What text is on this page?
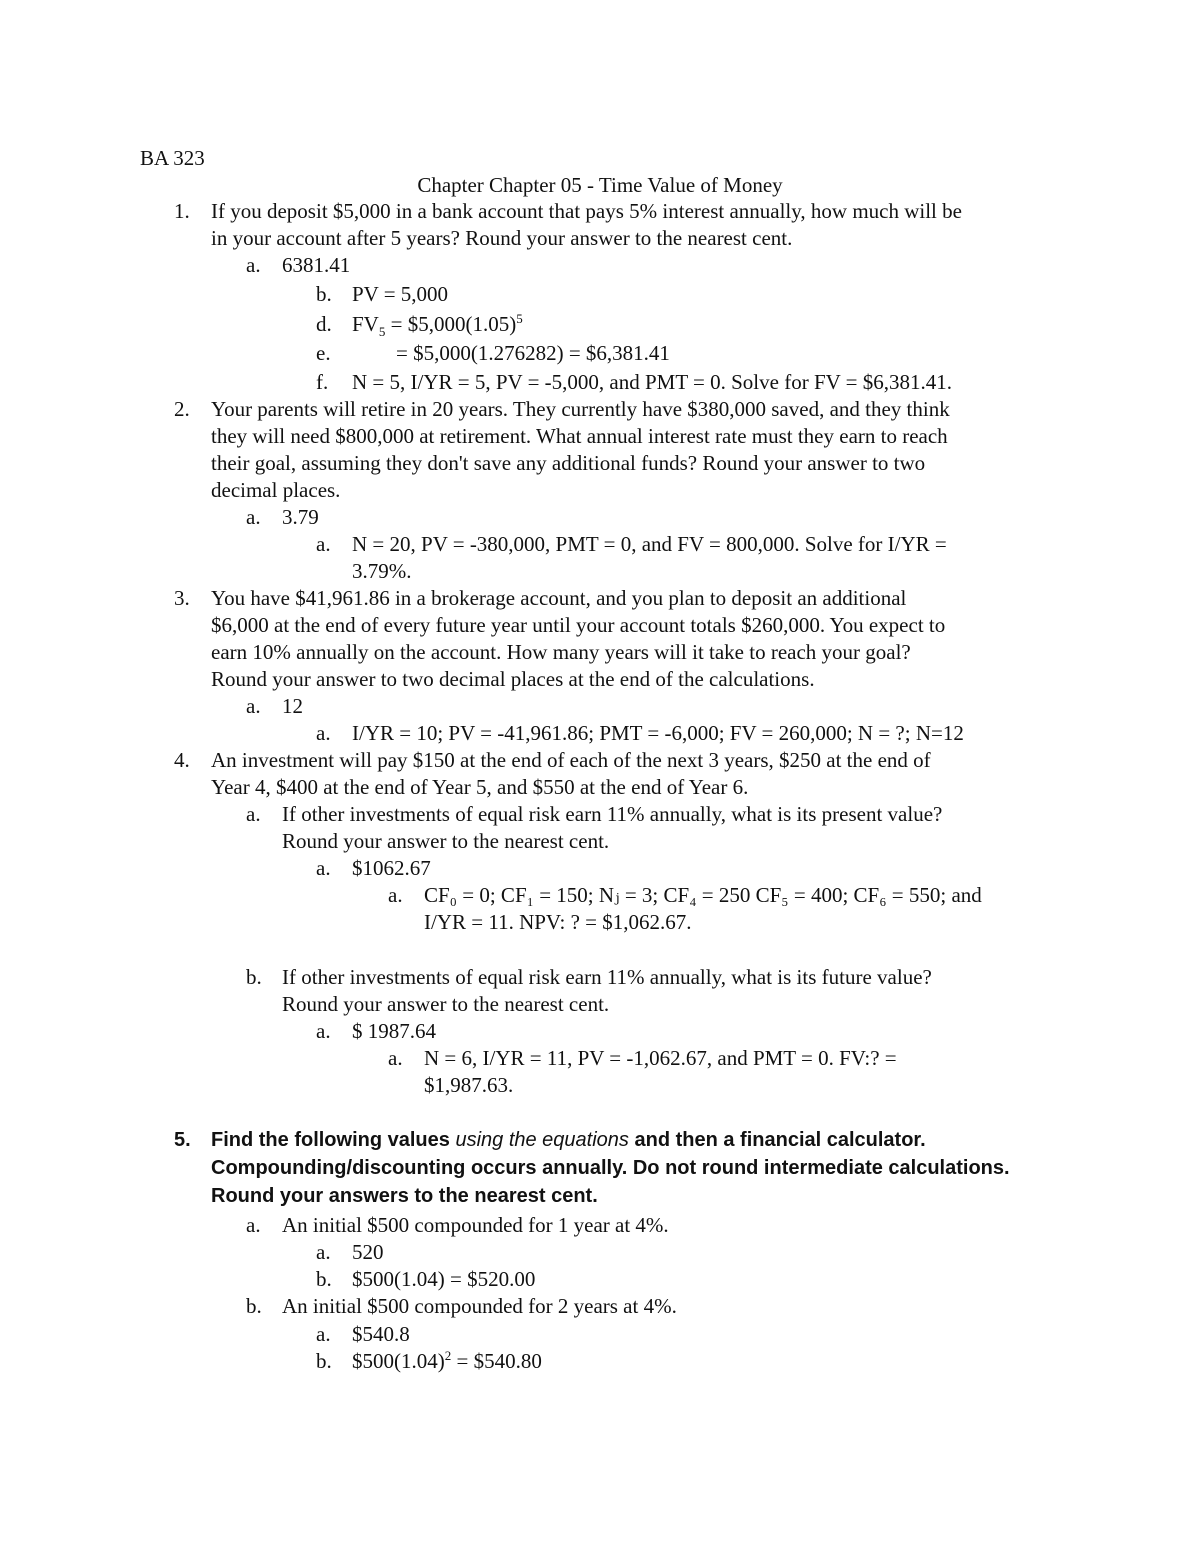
BA 323
Chapter Chapter 05 - Time Value of Money
1. If you deposit $5,000 in a bank account that pays 5% interest annually, how much will be
in your account after 5 years? Round your answer to the nearest cent.
a. 6381.41
b. PV = 5,000
d. $FV_5$ = $\$5,000(1.05)^5$
e.	= $5,000(1.276282) = $6,381.41
f. N = 5, I/YR = 5, PV = -5,000, and PMT = 0. Solve for FV = $6,381.41.
2. Your parents will retire in 20 years. They currently have $380,000 saved, and they think
they will need $800,000 at retirement. What annual interest rate must they earn to reach
their goal, assuming they don't save any additional funds? Round your answer to two
decimal places.
a. 3.79
a. N = 20, PV = -380,000, PMT = 0, and FV = 800,000. Solve for I/YR =
3.79%.
3. You have $41,961.86 in a brokerage account, and you plan to deposit an additional
$6,000 at the end of every future year until your account totals $260,000. You expect to
earn 10% annually on the account. How many years will it take to reach your goal?
Round your answer to two decimal places at the end of the calculations.
a. 12
a. I/YR = 10; PV = -41,961.86; PMT = -6,000; FV = 260,000; N = ?; N=12
4. An investment will pay $150 at the end of each of the next 3 years, $250 at the end of
Year 4, $400 at the end of Year 5, and $550 at the end of Year 6.
a. If other investments of equal risk earn 11% annually, what is its present value?
Round your answer to the nearest cent.
a. $1062.67
a. CF₀ = 0; CF₁ = 150; Nⱼ = 3; CF₄ = 250 CF₅ = 400; CF₆ = 550; and
I/YR = 11. NPV: ? = $1,062.67.
b. If other investments of equal risk earn 11% annually, what is its future value?
Round your answer to the nearest cent.
a. $ 1987.64
a. N = 6, I/YR = 11, PV = -1,062.67, and PMT = 0. FV:? =
$1,987.63.
5. Find the following values using the equations and then a financial calculator.
Compounding/discounting occurs annually. Do not round intermediate calculations.
Round your answers to the nearest cent.
a. An initial $500 compounded for 1 year at 4%.
a. 520
b. $500(1.04) = $520.00
b. An initial $500 compounded for 2 years at 4%.
a. $540.8
b. $\$500(1.04)^2$ = $540.80
